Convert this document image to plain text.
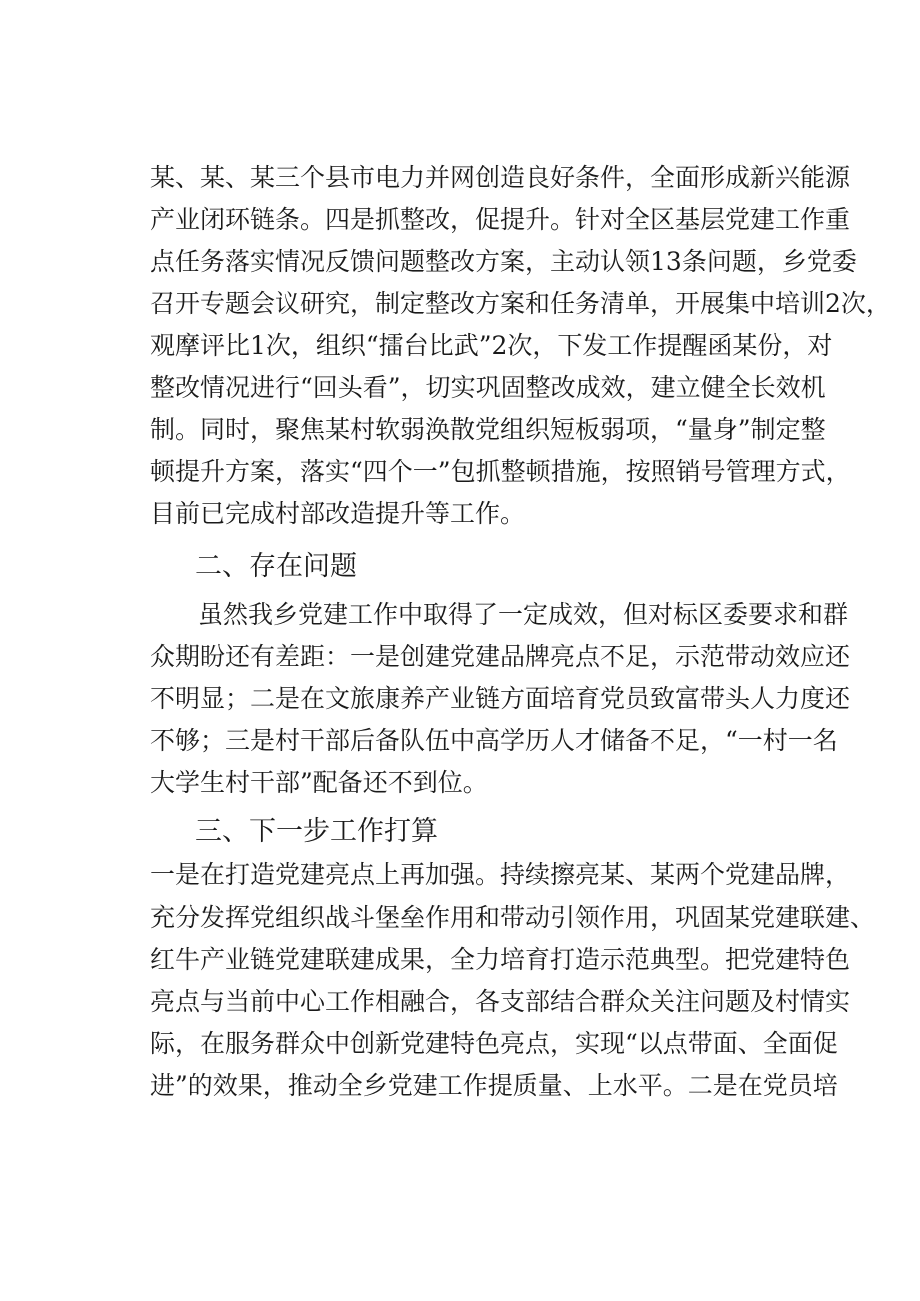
某、某、某三个县市电力并网创造良好条件，全面形成新兴能源
产业闭环链条。四是抓整改，促提升。针对全区基层党建工作重
点任务落实情况反馈问题整改方案，主动认领13条问题，乡党委
召开专题会议研究，制定整改方案和任务清单，开展集中培训2次，
观摩评比1次，组织“擂台比武”2次，下发工作提醒函某份，对
整改情况进行“回头看”，切实巩固整改成效，建立健全长效机
制。同时，聚焦某村软弱涣散党组织短板弱项，“量身”制定整
顿提升方案，落实“四个一”包抓整顿措施，按照销号管理方式，
目前已完成村部改造提升等工作。
二、存在问题
虽然我乡党建工作中取得了一定成效，但对标区委要求和群
众期盼还有差距：一是创建党建品牌亮点不足，示范带动效应还
不明显；二是在文旅康养产业链方面培育党员致富带头人力度还
不够；三是村干部后备队伍中高学历人才储备不足，“一村一名
大学生村干部”配备还不到位。
三、下一步工作打算
一是在打造党建亮点上再加强。持续擦亮某、某两个党建品牌，
充分发挥党组织战斗堡垒作用和带动引领作用，巩固某党建联建、
红牛产业链党建联建成果，全力培育打造示范典型。把党建特色
亮点与当前中心工作相融合，各支部结合群众关注问题及村情实
际，在服务群众中创新党建特色亮点，实现“以点带面、全面促
进”的效果，推动全乡党建工作提质量、上水平。二是在党员培
